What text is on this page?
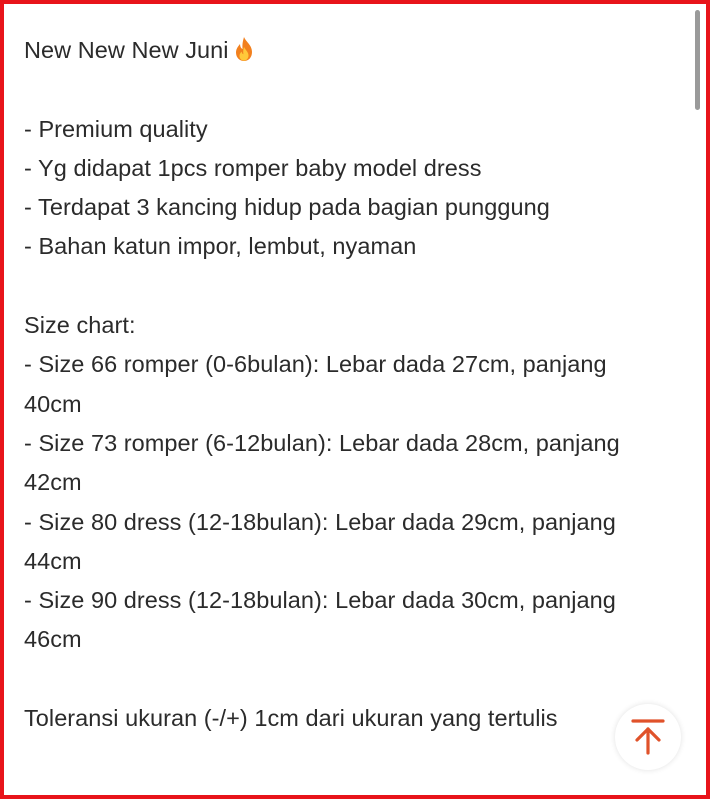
New New New Juni
- Premium quality
- Yg didapat 1pcs romper baby model dress
- Terdapat 3 kancing hidup pada bagian punggung
- Bahan katun impor, lembut, nyaman
Size chart:
- Size 66 romper (0-6bulan): Lebar dada 27cm, panjang
40cm
- Size 73 romper (6-12bulan): Lebar dada 28cm, panjang
42cm
- Size 80 dress (12-18bulan): Lebar dada 29cm, panjang
44cm
- Size 90 dress (12-18bulan): Lebar dada 30cm, panjang
46cm
Toleransi ukuran (-/+) 1cm dari ukuran yang tertulis
